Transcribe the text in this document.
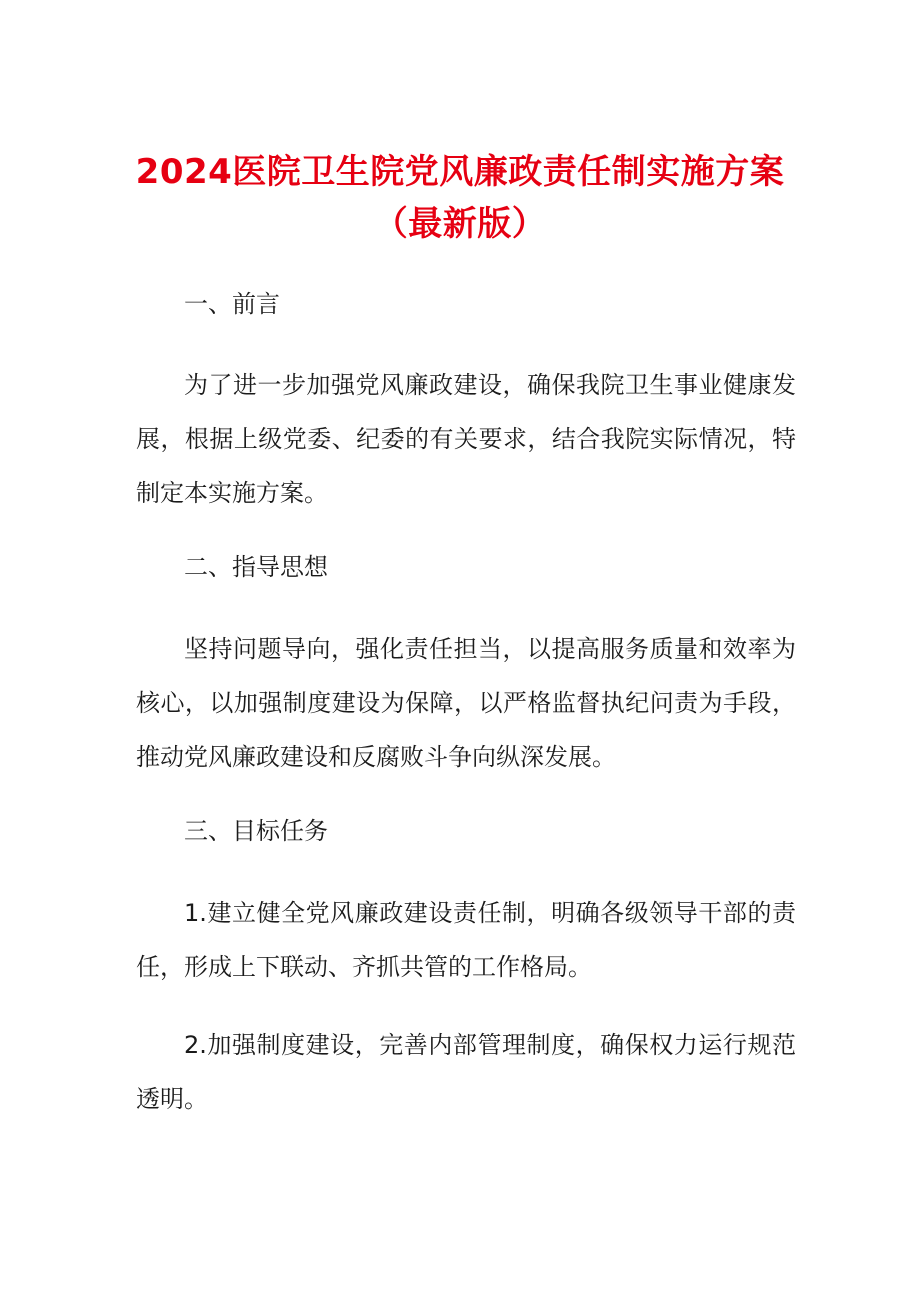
2024医院卫生院党风廉政责任制实施方案
（最新版）
一、前言
为了进一步加强党风廉政建设，确保我院卫生事业健康发展，根据上级党委、纪委的有关要求，结合我院实际情况，特制定本实施方案。
二、指导思想
坚持问题导向，强化责任担当，以提高服务质量和效率为核心，以加强制度建设为保障，以严格监督执纪问责为手段，推动党风廉政建设和反腐败斗争向纵深发展。
三、目标任务
1.建立健全党风廉政建设责任制，明确各级领导干部的责任，形成上下联动、齐抓共管的工作格局。
2.加强制度建设，完善内部管理制度，确保权力运行规范透明。
